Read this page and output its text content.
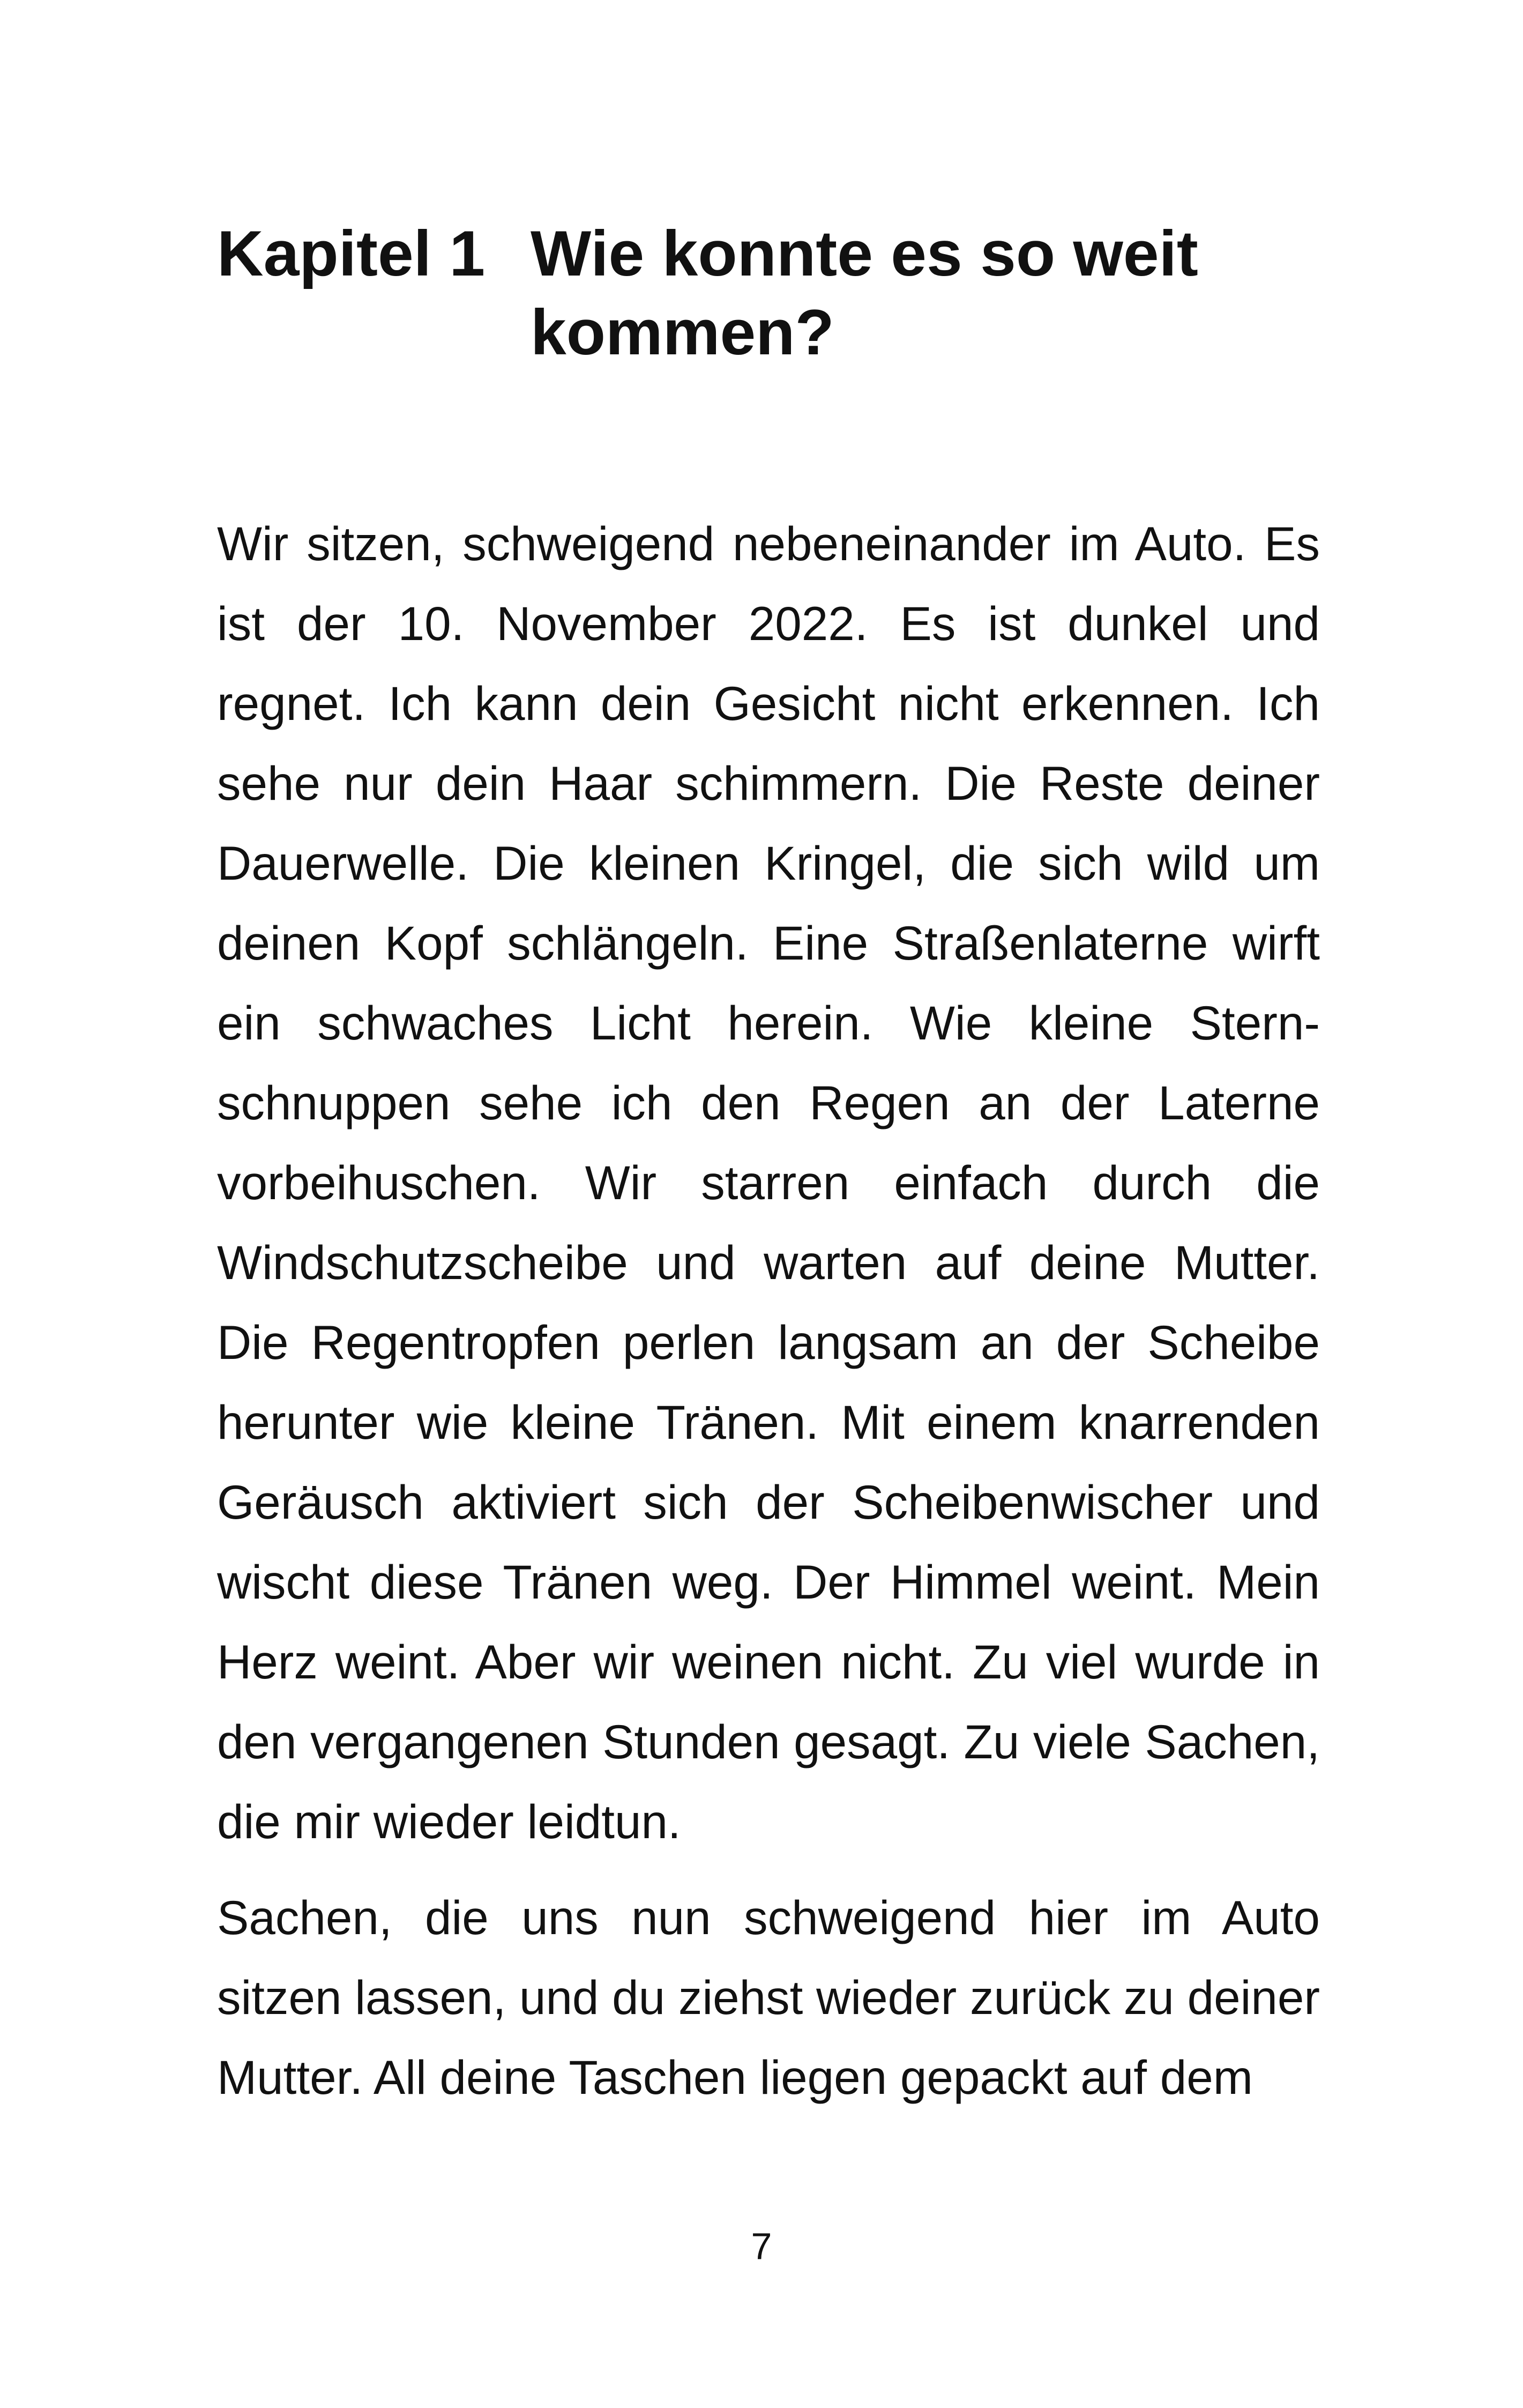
Kapitel 1 Wie konnte es so weit kommen?

Wir sitzen, schweigend nebeneinander im Auto. Es ist der 10. November 2022. Es ist dunkel und regnet. Ich kann dein Gesicht nicht erkennen. Ich sehe nur dein Haar schimmern. Die Reste deiner Dauerwelle. Die kleinen Kringel, die sich wild um deinen Kopf schlängeln. Eine Straßenlaterne wirft ein schwaches Licht herein. Wie kleine Sternschnuppen sehe ich den Regen an der Laterne vorbeihuschen. Wir starren einfach durch die Windschutzscheibe und warten auf deine Mutter. Die Regentropfen perlen langsam an der Scheibe herunter wie kleine Tränen. Mit einem knarrenden Geräusch aktiviert sich der Scheibenwischer und wischt diese Tränen weg. Der Himmel weint. Mein Herz weint. Aber wir weinen nicht. Zu viel wurde in den vergangenen Stunden gesagt. Zu viele Sachen, die mir wieder leidtun.

Sachen, die uns nun schweigend hier im Auto sitzen lassen, und du ziehst wieder zurück zu deiner Mutter. All deine Taschen liegen gepackt auf dem

7
